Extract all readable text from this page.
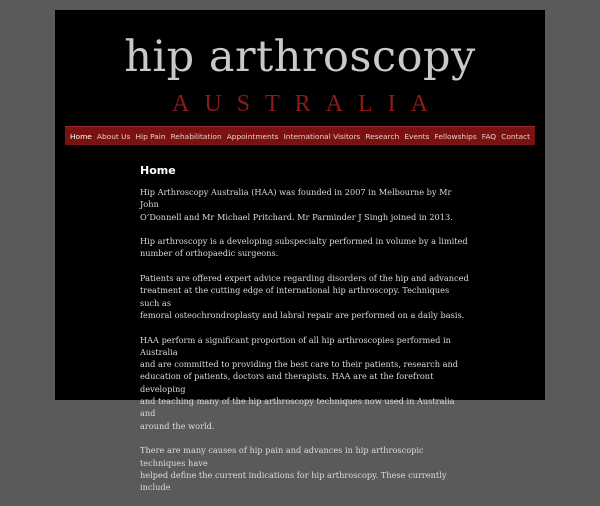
hip arthroscopy
AUSTRALIA
Home About Us Hip Pain Rehabilitation Appointments International Visitors Research Events Fellowships FAQ Contact
Home

Hip Arthroscopy Australia (HAA) was founded in 2007 in Melbourne by Mr John
O’Donnell and Mr Michael Pritchard. Mr Parminder J Singh joined in 2013.

Hip arthroscopy is a developing subspecialty performed in volume by a limited
number of orthopaedic surgeons.

Patients are offered expert advice regarding disorders of the hip and advanced
treatment at the cutting edge of international hip arthroscopy. Techniques such as
femoral osteochrondroplasty and labral repair are performed on a daily basis.

HAA perform a significant proportion of all hip arthroscopies performed in Australia
and are committed to providing the best care to their patients, research and
education of patients, doctors and therapists. HAA are at the forefront developing
and teaching many of the hip arthroscopy techniques now used in Australia and
around the world.

There are many causes of hip pain and advances in hip arthroscopic techniques have
helped define the current indications for hip arthroscopy. These currently include
